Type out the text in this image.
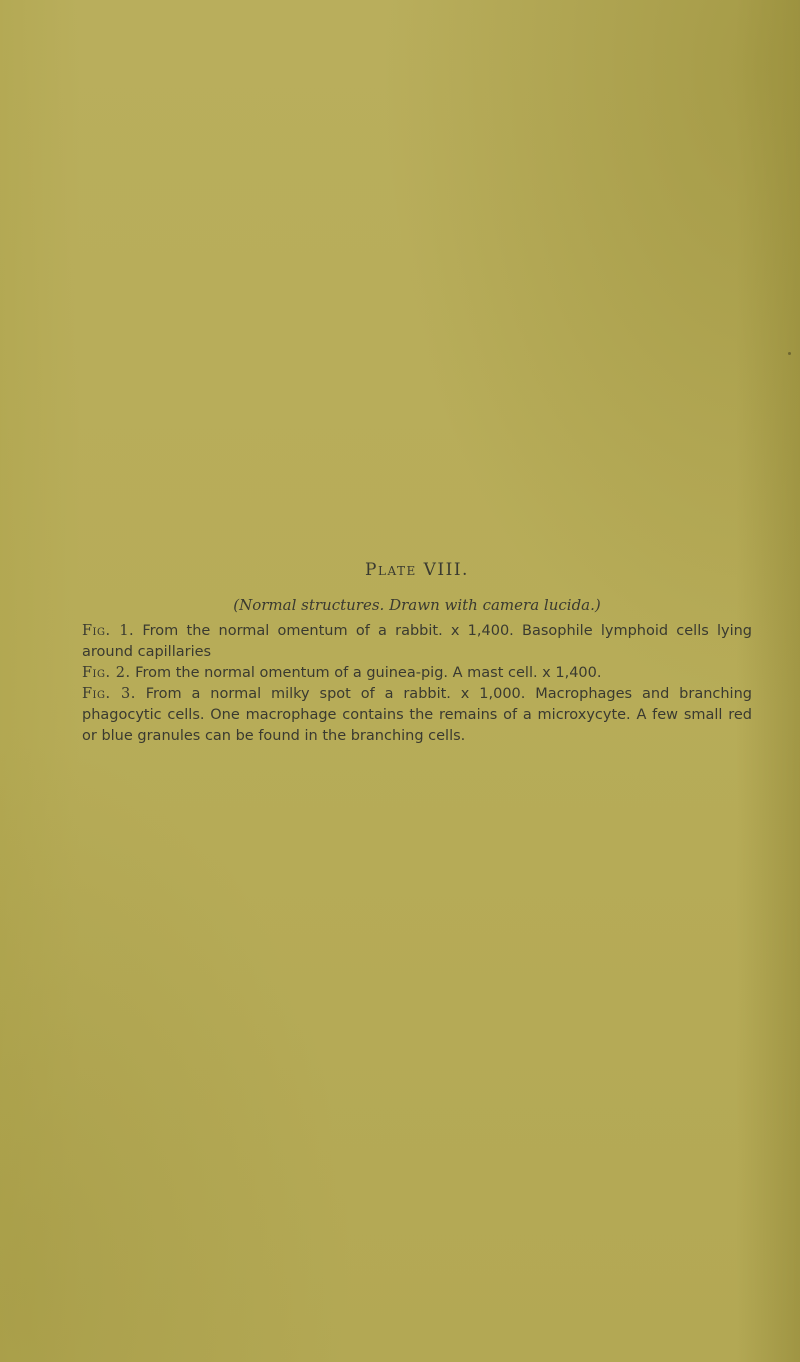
Plate VIII.
(Normal structures. Drawn with camera lucida.)

Fig. 1. From the normal omentum of a rabbit. x 1,400. Basophile lymphoid cells lying around capillaries

Fig. 2. From the normal omentum of a guinea-pig. A mast cell. x 1,400.

Fig. 3. From a normal milky spot of a rabbit. x 1,000. Macrophages and branching phagocytic cells. One macrophage contains the remains of a microxycyte. A few small red or blue granules can be found in the branching cells.
